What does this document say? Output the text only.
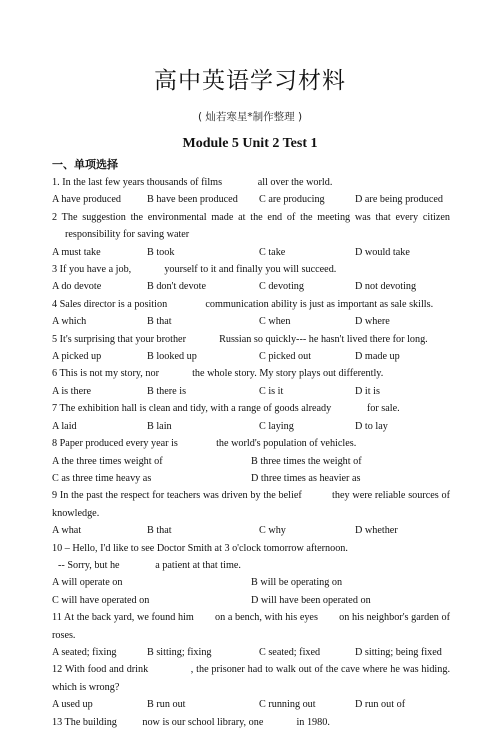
高中英语学习材料
( 灿若寒星*制作整理 )
Module 5 Unit 2 Test 1
一、单项选择

1. In the last few years thousands of films              all over the world.

A have produced	B have been produced	C are producing	D are being produced

2 The suggestion the environmental made at the end of the meeting was that every citizen responsibility for saving water

A must take	B took	C take	D would take

3 If you have a job,             yourself to it and finally you will succeed.

A do devote	B don't devote	C devoting	D not devoting

4 Sales director is a position               communication ability is just as important as sale skills.

A which	B that	C when	D where

5 It's surprising that your brother             Russian so quickly--- he hasn't lived there for long.

A picked up	B looked up	C picked out	D made up

6 This is not my story, nor             the whole story. My story plays out differently.

A is there	B there is	C is it	D it is

7 The exhibition hall is clean and tidy, with a range of goods already              for sale.

A laid	B lain	C laying	D to lay

8 Paper produced every year is               the world's population of vehicles.

A the three times weight of	B three times the weight of
C as three time heavy as	D three times as heavier as

9 In the past the respect for teachers was driven by the belief           they were reliable sources of knowledge.

A what	B that	C why	D whether

10 – Hello, I'd like to see Doctor Smith at 3 o'clock tomorrow afternoon.

-- Sorry, but he              a patient at that time.

A will operate on	B will be operating on
C will have operated on	D will have been operated on

11 At the back yard, we found him        on a bench, with his eyes        on his neighbor's garden of roses.

A seated; fixing	B sitting; fixing	C seated; fixed	D sitting; being fixed

12 With food and drink               , the prisoner had to walk out of the cave where he was hiding. which is wrong?

A used up	B run out	C running out	D run out of

13 The building          now is our school library, one             in 1980.
